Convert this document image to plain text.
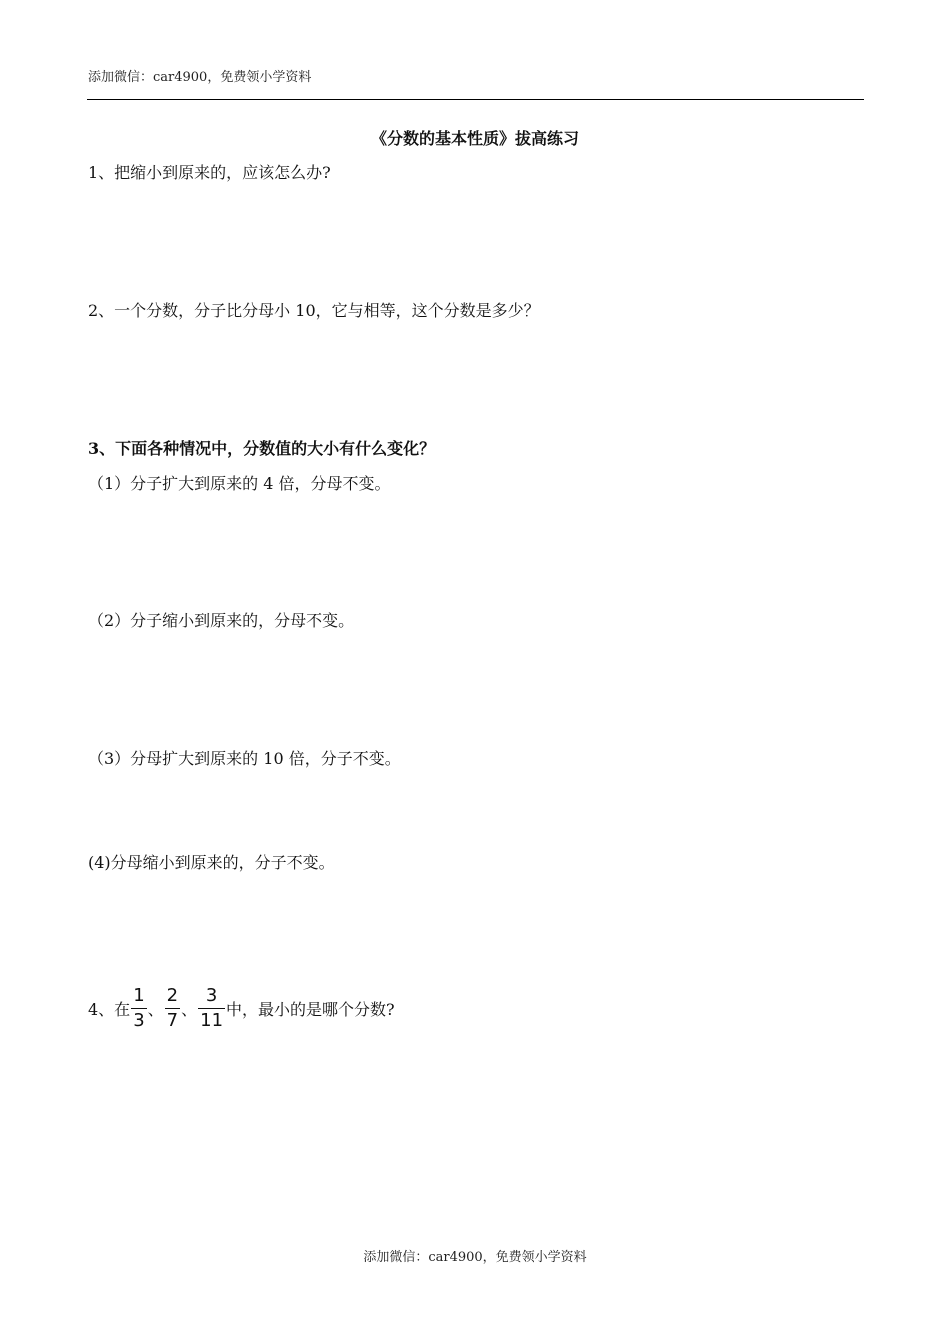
添加微信：car4900，免费领小学资料
《分数的基本性质》拔高练习
1、把缩小到原来的，应该怎么办?
2、一个分数，分子比分母小 10，它与相等，这个分数是多少？
3、下面各种情况中，分数值的大小有什么变化？
（1）分子扩大到原来的 4 倍，分母不变。
（2）分子缩小到原来的，分母不变。
（3）分母扩大到原来的 10 倍，分子不变。
(4)分母缩小到原来的，分子不变。
4、在 $\frac{1}{3}$ 、 $\frac{2}{7}$ 、 $\frac{3}{11}$ 中，最小的是哪个分数?
添加微信：car4900，免费领小学资料
